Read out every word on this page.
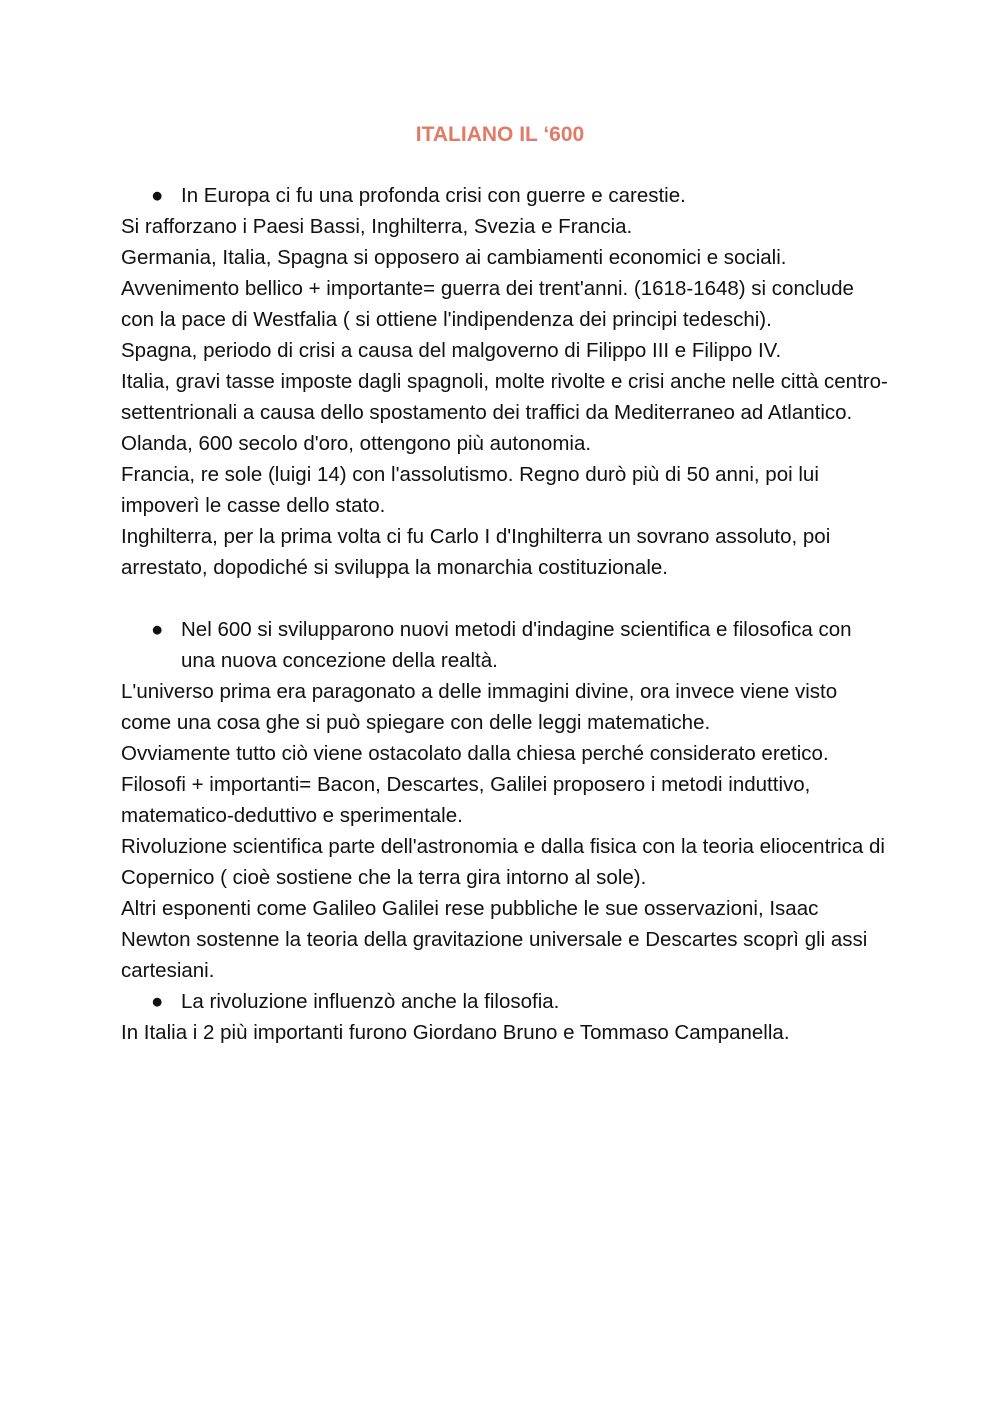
ITALIANO IL ‘600

● In Europa ci fu una profonda crisi con guerre e carestie.

Si rafforzano i Paesi Bassi, Inghilterra, Svezia e Francia.

Germania, Italia, Spagna si opposero ai cambiamenti economici e sociali.

Avvenimento bellico + importante= guerra dei trent'anni. (1618-1648) si conclude con la pace di Westfalia ( si ottiene l'indipendenza dei principi tedeschi).

Spagna, periodo di crisi a causa del malgoverno di Filippo III e Filippo IV.

Italia, gravi tasse imposte dagli spagnoli, molte rivolte e crisi anche nelle città centro-settentrionali a causa dello spostamento dei traffici da Mediterraneo ad Atlantico.

Olanda, 600 secolo d'oro, ottengono più autonomia.

Francia, re sole (luigi 14) con l'assolutismo. Regno durò più di 50 anni, poi lui impoverì le casse dello stato.

Inghilterra, per la prima volta ci fu Carlo I d'Inghilterra un sovrano assoluto, poi arrestato, dopodiché si sviluppa la monarchia costituzionale.

● Nel 600 si svilupparono nuovi metodi d'indagine scientifica e filosofica con una nuova concezione della realtà.

L'universo prima era paragonato a delle immagini divine, ora invece viene visto come una cosa ghe si può spiegare con delle leggi matematiche.

Ovviamente tutto ciò viene ostacolato dalla chiesa perché considerato eretico.

Filosofi + importanti= Bacon, Descartes, Galilei proposero i metodi induttivo, matematico-deduttivo e sperimentale.

Rivoluzione scientifica parte dell'astronomia e dalla fisica con la teoria eliocentrica di Copernico ( cioè sostiene che la terra gira intorno al sole).

Altri esponenti come Galileo Galilei rese pubbliche le sue osservazioni, Isaac Newton sostenne la teoria della gravitazione universale e Descartes scoprì gli assi cartesiani.

● La rivoluzione influenzò anche la filosofia.

In Italia i 2 più importanti furono Giordano Bruno e Tommaso Campanella.
